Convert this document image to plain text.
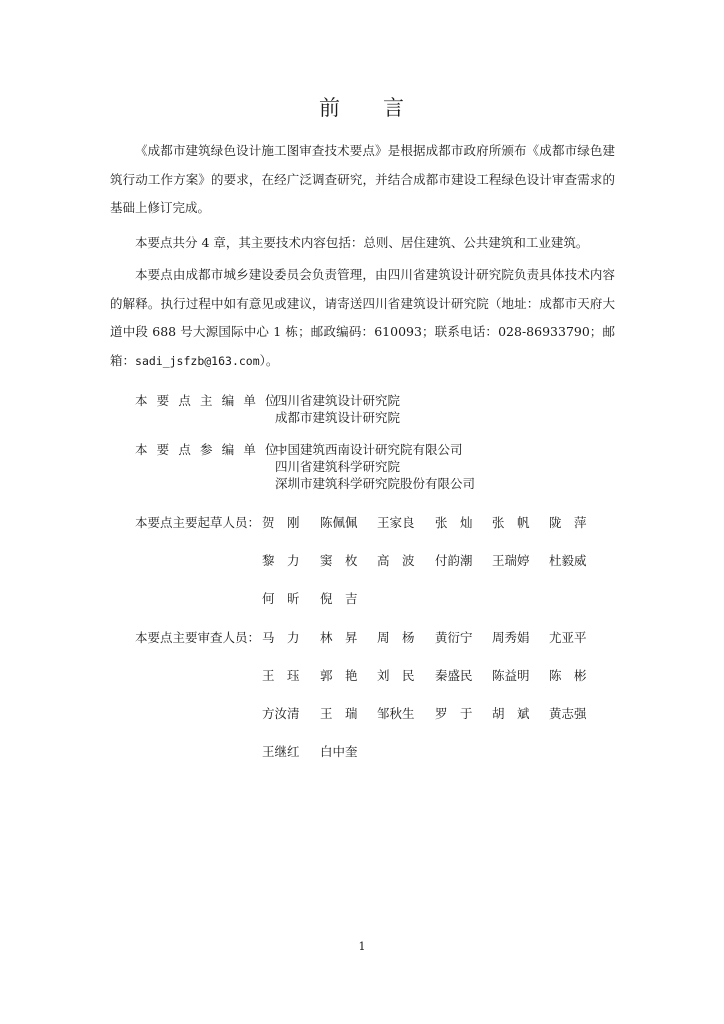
前 言

《成都市建筑绿色设计施工图审查技术要点》是根据成都市政府所颁布《成都市绿色建筑行动工作方案》的要求，在经广泛调查研究，并结合成都市建设工程绿色设计审查需求的基础上修订完成。

本要点共分 4 章，其主要技术内容包括：总则、居住建筑、公共建筑和工业建筑。

本要点由成都市城乡建设委员会负责管理，由四川省建筑设计研究院负责具体技术内容的解释。执行过程中如有意见或建议，请寄送四川省建筑设计研究院（地址：成都市天府大道中段 688 号大源国际中心 1 栋；邮政编码：610093；联系电话：028-86933790；邮箱：sadi_jsfzb@163.com）。

本 要 点 主 编 单 位：
四川省建筑设计研究院
成都市建筑设计研究院
本 要 点 参 编 单 位：
中国建筑西南设计研究院有限公司
四川省建筑科学研究院
深圳市建筑科学研究院股份有限公司
本要点主要起草人员： 贺　刚 陈佩佩 王家良 张　灿 张　帆 陇　萍
黎　力 窦　枚 高　波 付韵潮 王瑞婷 杜毅威
何　昕 倪　吉
本要点主要审查人员： 马　力 林　昇 周　杨 黄衍宁 周秀娟 尤亚平
王　珏 郭　艳 刘　民 秦盛民 陈益明 陈　彬
方汝清 王　瑞 邹秋生 罗　于 胡　斌 黄志强
王继红 白中奎
1
